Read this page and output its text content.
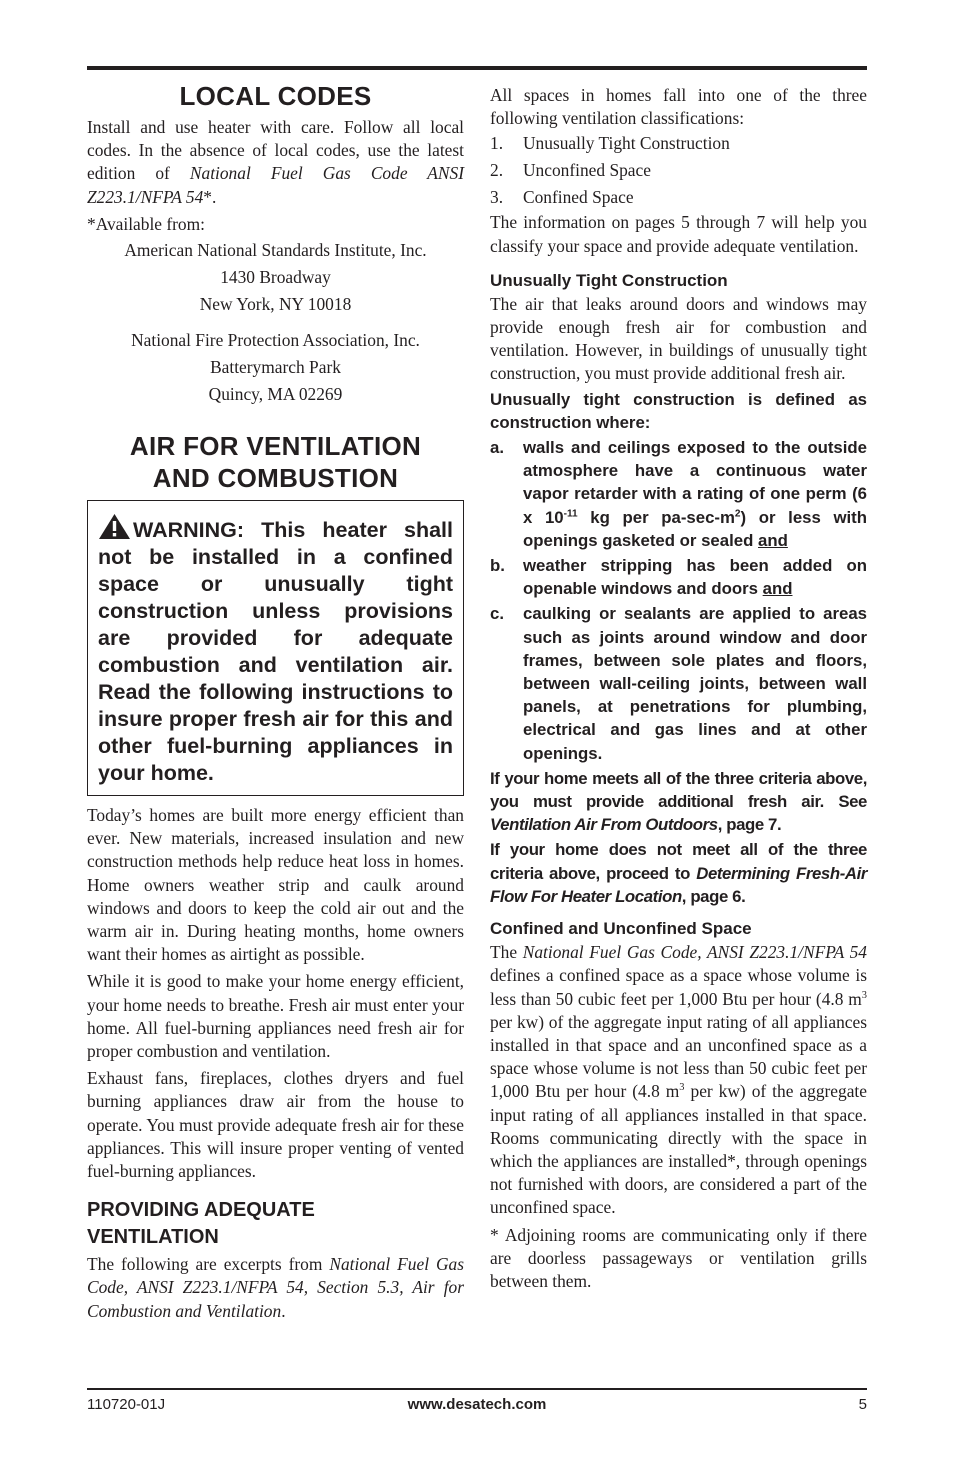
LOCAL CODES

Install and use heater with care. Follow all local codes. In the absence of local codes, use the latest edition of National Fuel Gas Code ANSI Z223.1/NFPA 54*.

*Available from:

American National Standards Institute, Inc.
1430 Broadway
New York, NY 10018
National Fire Protection Association, Inc.
Batterymarch Park
Quincy, MA 02269
AIR FOR VENTILATION
AND COMBUSTION

WARNING: This heater shall not be installed in a confined space or unusually tight construction unless provisions are provided for adequate combustion and ventilation air. Read the following instructions to insure proper fresh air for this and other fuel-burning appliances in your home.

Today’s homes are built more energy efficient than ever. New materials, increased insulation and new construction methods help reduce heat loss in homes. Home owners weather strip and caulk around windows and doors to keep the cold air out and the warm air in. During heating months, home owners want their homes as airtight as possible.

While it is good to make your home energy efficient, your home needs to breathe. Fresh air must enter your home. All fuel-burning appliances need fresh air for proper combustion and ventilation.

Exhaust fans, fireplaces, clothes dryers and fuel burning appliances draw air from the house to operate. You must provide adequate fresh air for these appliances. This will insure proper venting of vented fuel-burning appliances.

PROVIDING ADEQUATE
VENTILATION

The following are excerpts from National Fuel Gas Code, ANSI Z223.1/NFPA 54, Section 5.3, Air for Combustion and Ventilation.

All spaces in homes fall into one of the three following ventilation classifications:

1.	Unusually Tight Construction
2.	Unconfined Space
3.	Confined Space

The information on pages 5 through 7 will help you classify your space and provide adequate ventilation.

Unusually Tight Construction

The air that leaks around doors and windows may provide enough fresh air for combustion and ventilation. However, in buildings of unusually tight construction, you must provide additional fresh air.

Unusually tight construction is defined as construction where:

a.	walls and ceilings exposed to the outside atmosphere have a continuous water vapor retarder with a rating of one perm (6 x $10^{-11}$ kg per $pa-\sec-m^2$) or less with openings gasketed or sealed and

b.	weather stripping has been added on openable windows and doors and

c.	caulking or sealants are applied to areas such as joints around window and door frames, between sole plates and floors, between wall-ceiling joints, between wall panels, at penetrations for plumbing, electrical and gas lines and at other openings.

If your home meets all of the three criteria above, you must provide additional fresh air. See Ventilation Air From Outdoors, page 7.

If your home does not meet all of the three criteria above, proceed to Determining Fresh-Air Flow For Heater Location, page 6.

Confined and Unconfined Space

The National Fuel Gas Code, ANSI Z223.1/NFPA 54 defines a confined space as a space whose volume is less than 50 cubic feet per 1,000 Btu per hour (4.8 $m^3$ per kw) of the aggregate input rating of all appliances installed in that space and an unconfined space as a space whose volume is not less than 50 cubic feet per 1,000 Btu per hour (4.8 $m^3$ per kw) of the aggregate input rating of all appliances installed in that space. Rooms communicating directly with the space in which the appliances are installed*, through openings not furnished with doors, are considered a part of the unconfined space.

* Adjoining rooms are communicating only if there are doorless passageways or ventilation grills between them.

110720-01J	www.desatech.com	5
